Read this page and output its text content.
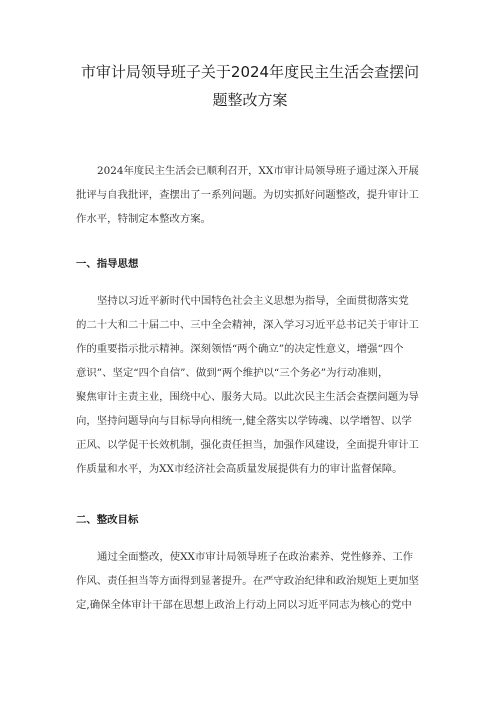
市审计局领导班子关于2024年度民主生活会查摆问
题整改方案
2024年度民主生活会已顺利召开，XX市审计局领导班子通过深入开展
批评与自我批评，查摆出了一系列问题。为切实抓好问题整改，提升审计工
作水平，特制定本整改方案。
一、指导思想
坚持以习近平新时代中国特色社会主义思想为指导，全面贯彻落实党
的二十大和二十届二中、三中全会精神，深入学习习近平总书记关于审计工
作的重要指示批示精神。深刻领悟“两个确立”的决定性意义，增强“四个
意识”、坚定“四个自信”、做到“两个维护以“三个务必”为行动准则，
聚焦审计主责主业，围绕中心、服务大局。以此次民主生活会查摆问题为导
向，坚持问题导向与目标导向相统一,健全落实以学铸魂、以学增智、以学
正风、以学促干长效机制，强化责任担当，加强作风建设，全面提升审计工
作质量和水平，为XX市经济社会高质量发展提供有力的审计监督保障。
二、整改目标
通过全面整改，使XX市审计局领导班子在政治素养、党性修养、工作
作风、责任担当等方面得到显著提升。在严守政治纪律和政治规矩上更加坚
定,确保全体审计干部在思想上政治上行动上同以习近平同志为核心的党中
